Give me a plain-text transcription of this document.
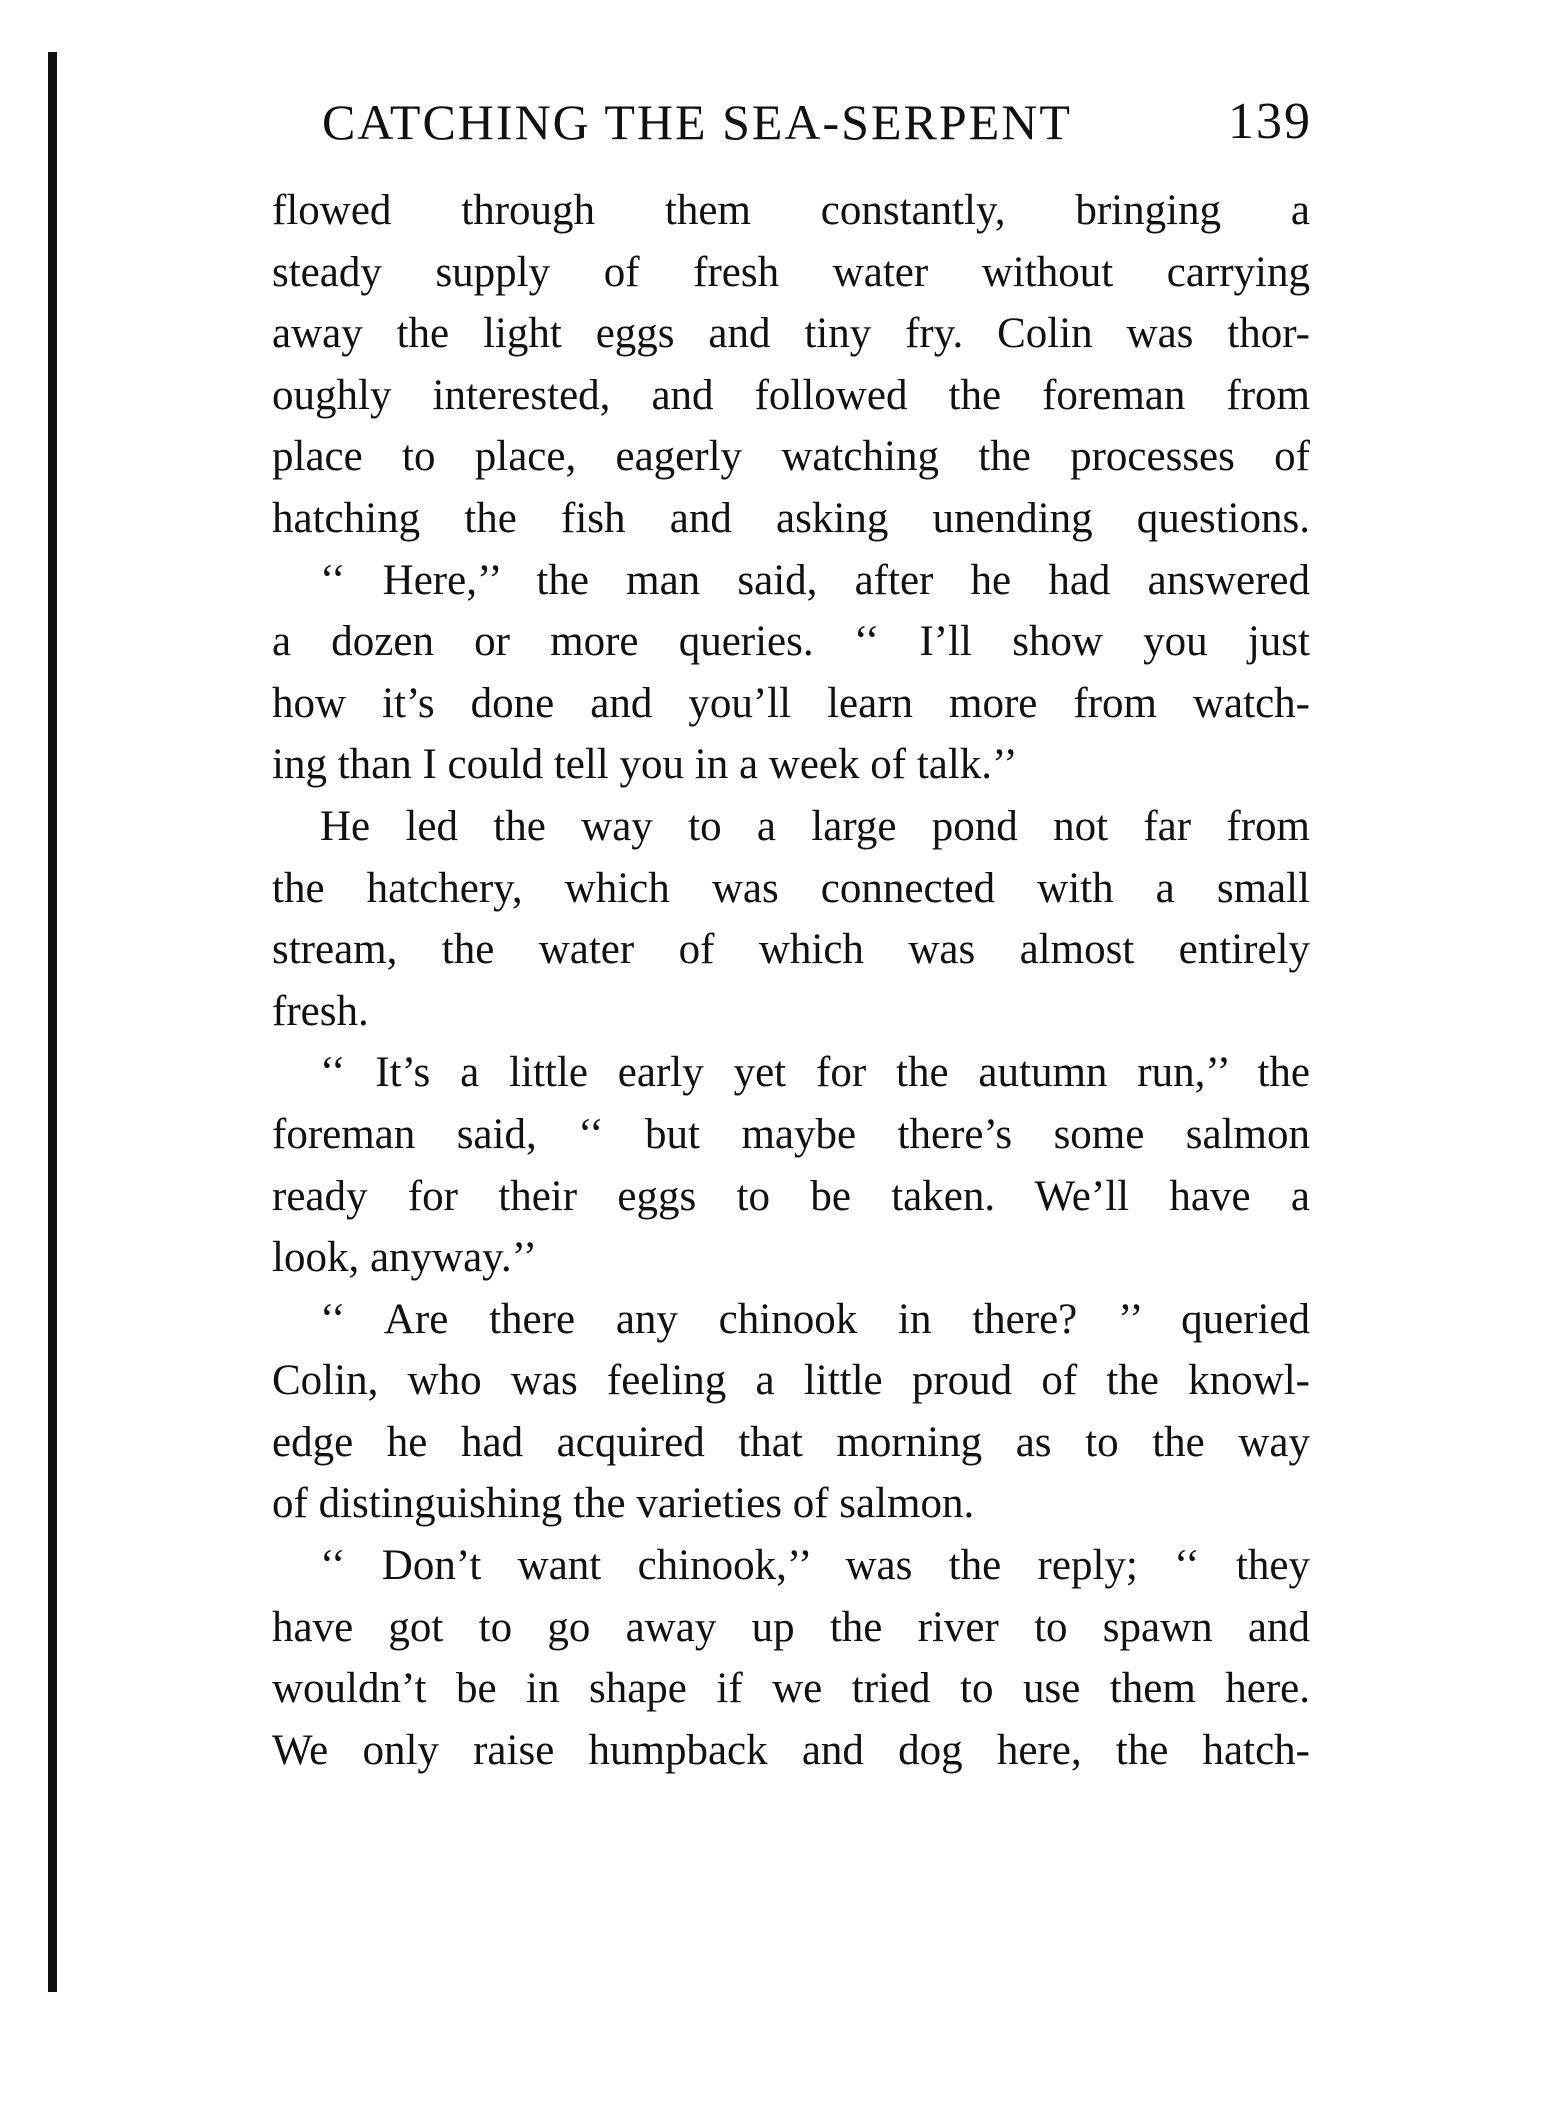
CATCHING THE SEA-SERPENT	139
flowed through them constantly, bringing a
steady supply of fresh water without carrying
away the light eggs and tiny fry. Colin was thor-
oughly interested, and followed the foreman from
place to place, eagerly watching the processes of
hatching the fish and asking unending questions.
‘‘ Here,’’ the man said, after he had answered
a dozen or more queries. ‘‘ I’ll show you just
how it’s done and you’ll learn more from watch-
ing than I could tell you in a week of talk.’’
He led the way to a large pond not far from
the hatchery, which was connected with a small
stream, the water of which was almost entirely
fresh.
‘‘ It’s a little early yet for the autumn run,’’ the
foreman said, ‘‘ but maybe there’s some salmon
ready for their eggs to be taken. We’ll have a
look, anyway.’’
‘‘ Are there any chinook in there? ’’ queried
Colin, who was feeling a little proud of the knowl-
edge he had acquired that morning as to the way
of distinguishing the varieties of salmon.
‘‘ Don’t want chinook,’’ was the reply; ‘‘ they
have got to go away up the river to spawn and
wouldn’t be in shape if we tried to use them here.
We only raise humpback and dog here, the hatch-
